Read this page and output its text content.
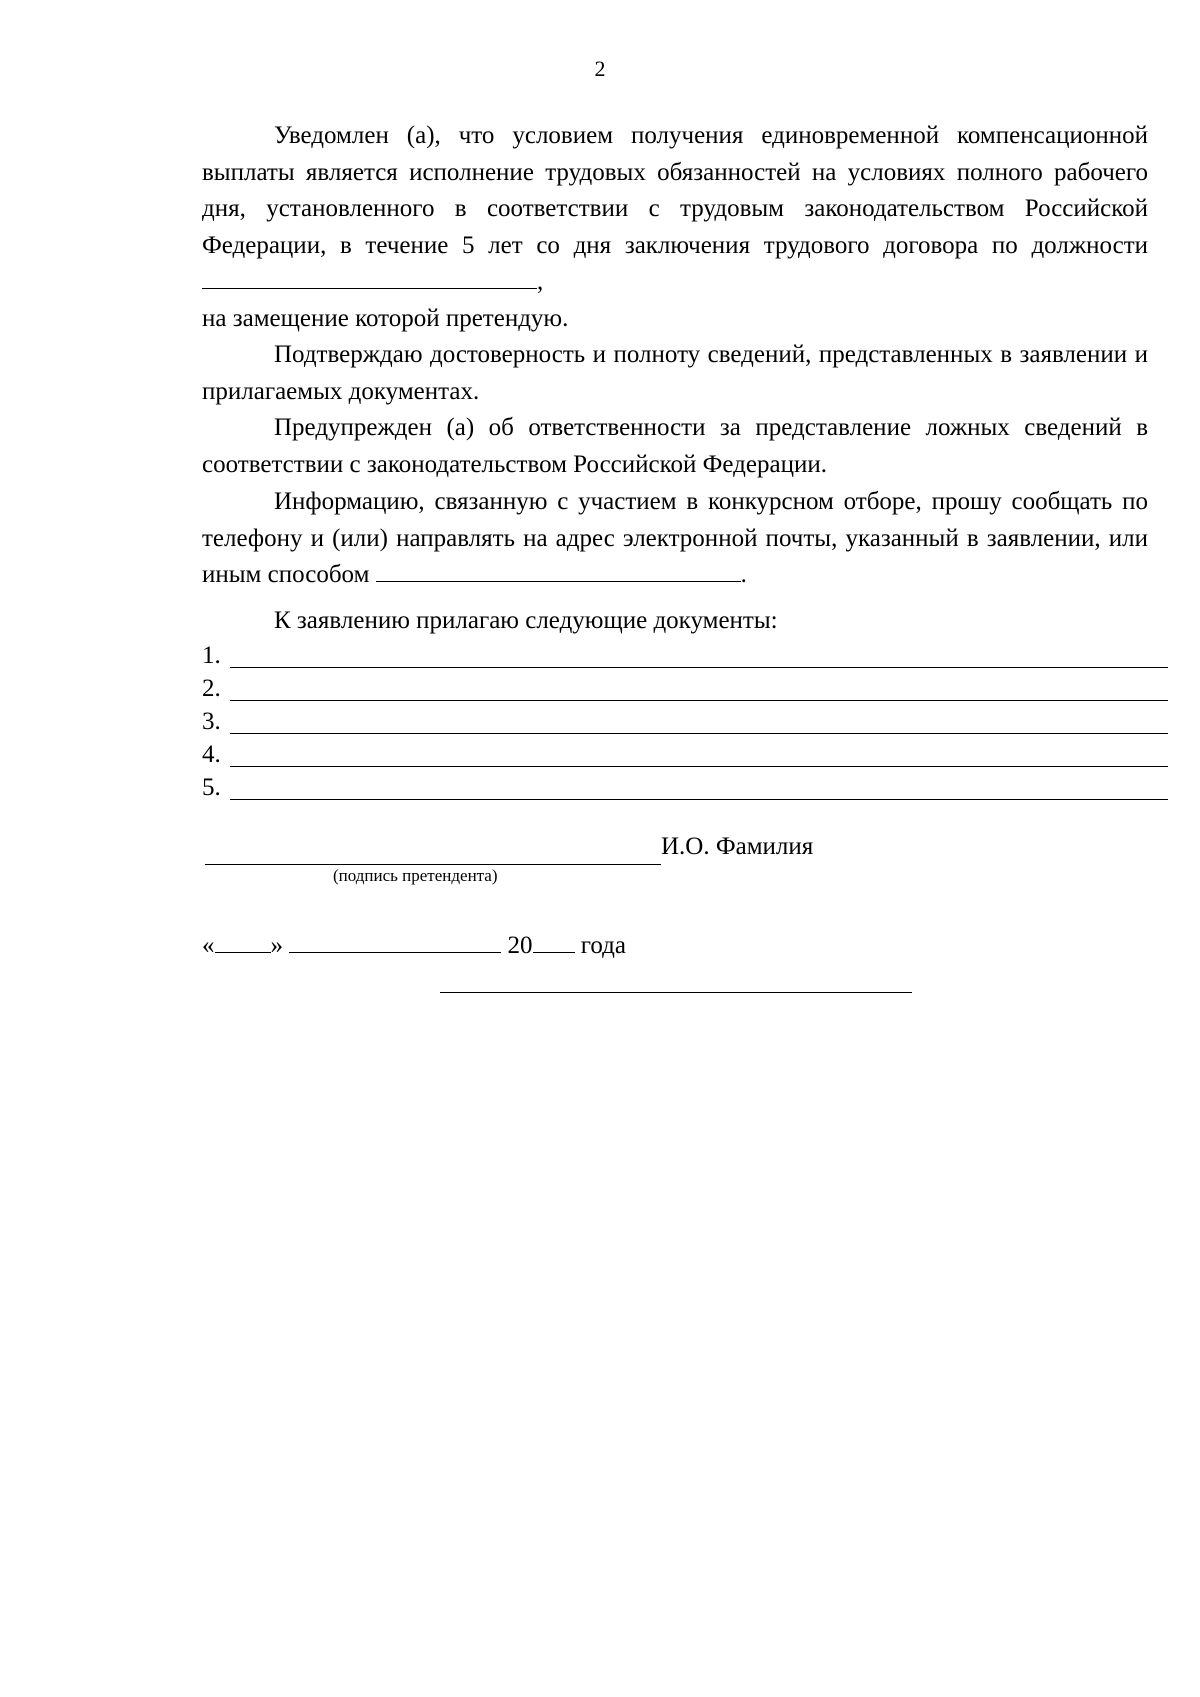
2

Уведомлен (а), что условием получения единовременной компенсационной выплаты является исполнение трудовых обязанностей на условиях полного рабочего дня, установленного в соответствии с трудовым законодательством Российской Федерации, в течение 5 лет со дня заключения трудового договора по должности ,

на замещение которой претендую.

Подтверждаю достоверность и полноту сведений, представленных в заявлении и прилагаемых документах.

Предупрежден (а) об ответственности за представление ложных сведений в соответствии с законодательством Российской Федерации.

Информацию, связанную с участием в конкурсном отборе, прошу сообщать по телефону и (или) направлять на адрес электронной почты, указанный в заявлении, или иным способом	.

К заявлению прилагаю следующие документы:
1.
2.
3.
4.
5.
И.О. Фамилия
(подпись претендента)
« »	20 года
